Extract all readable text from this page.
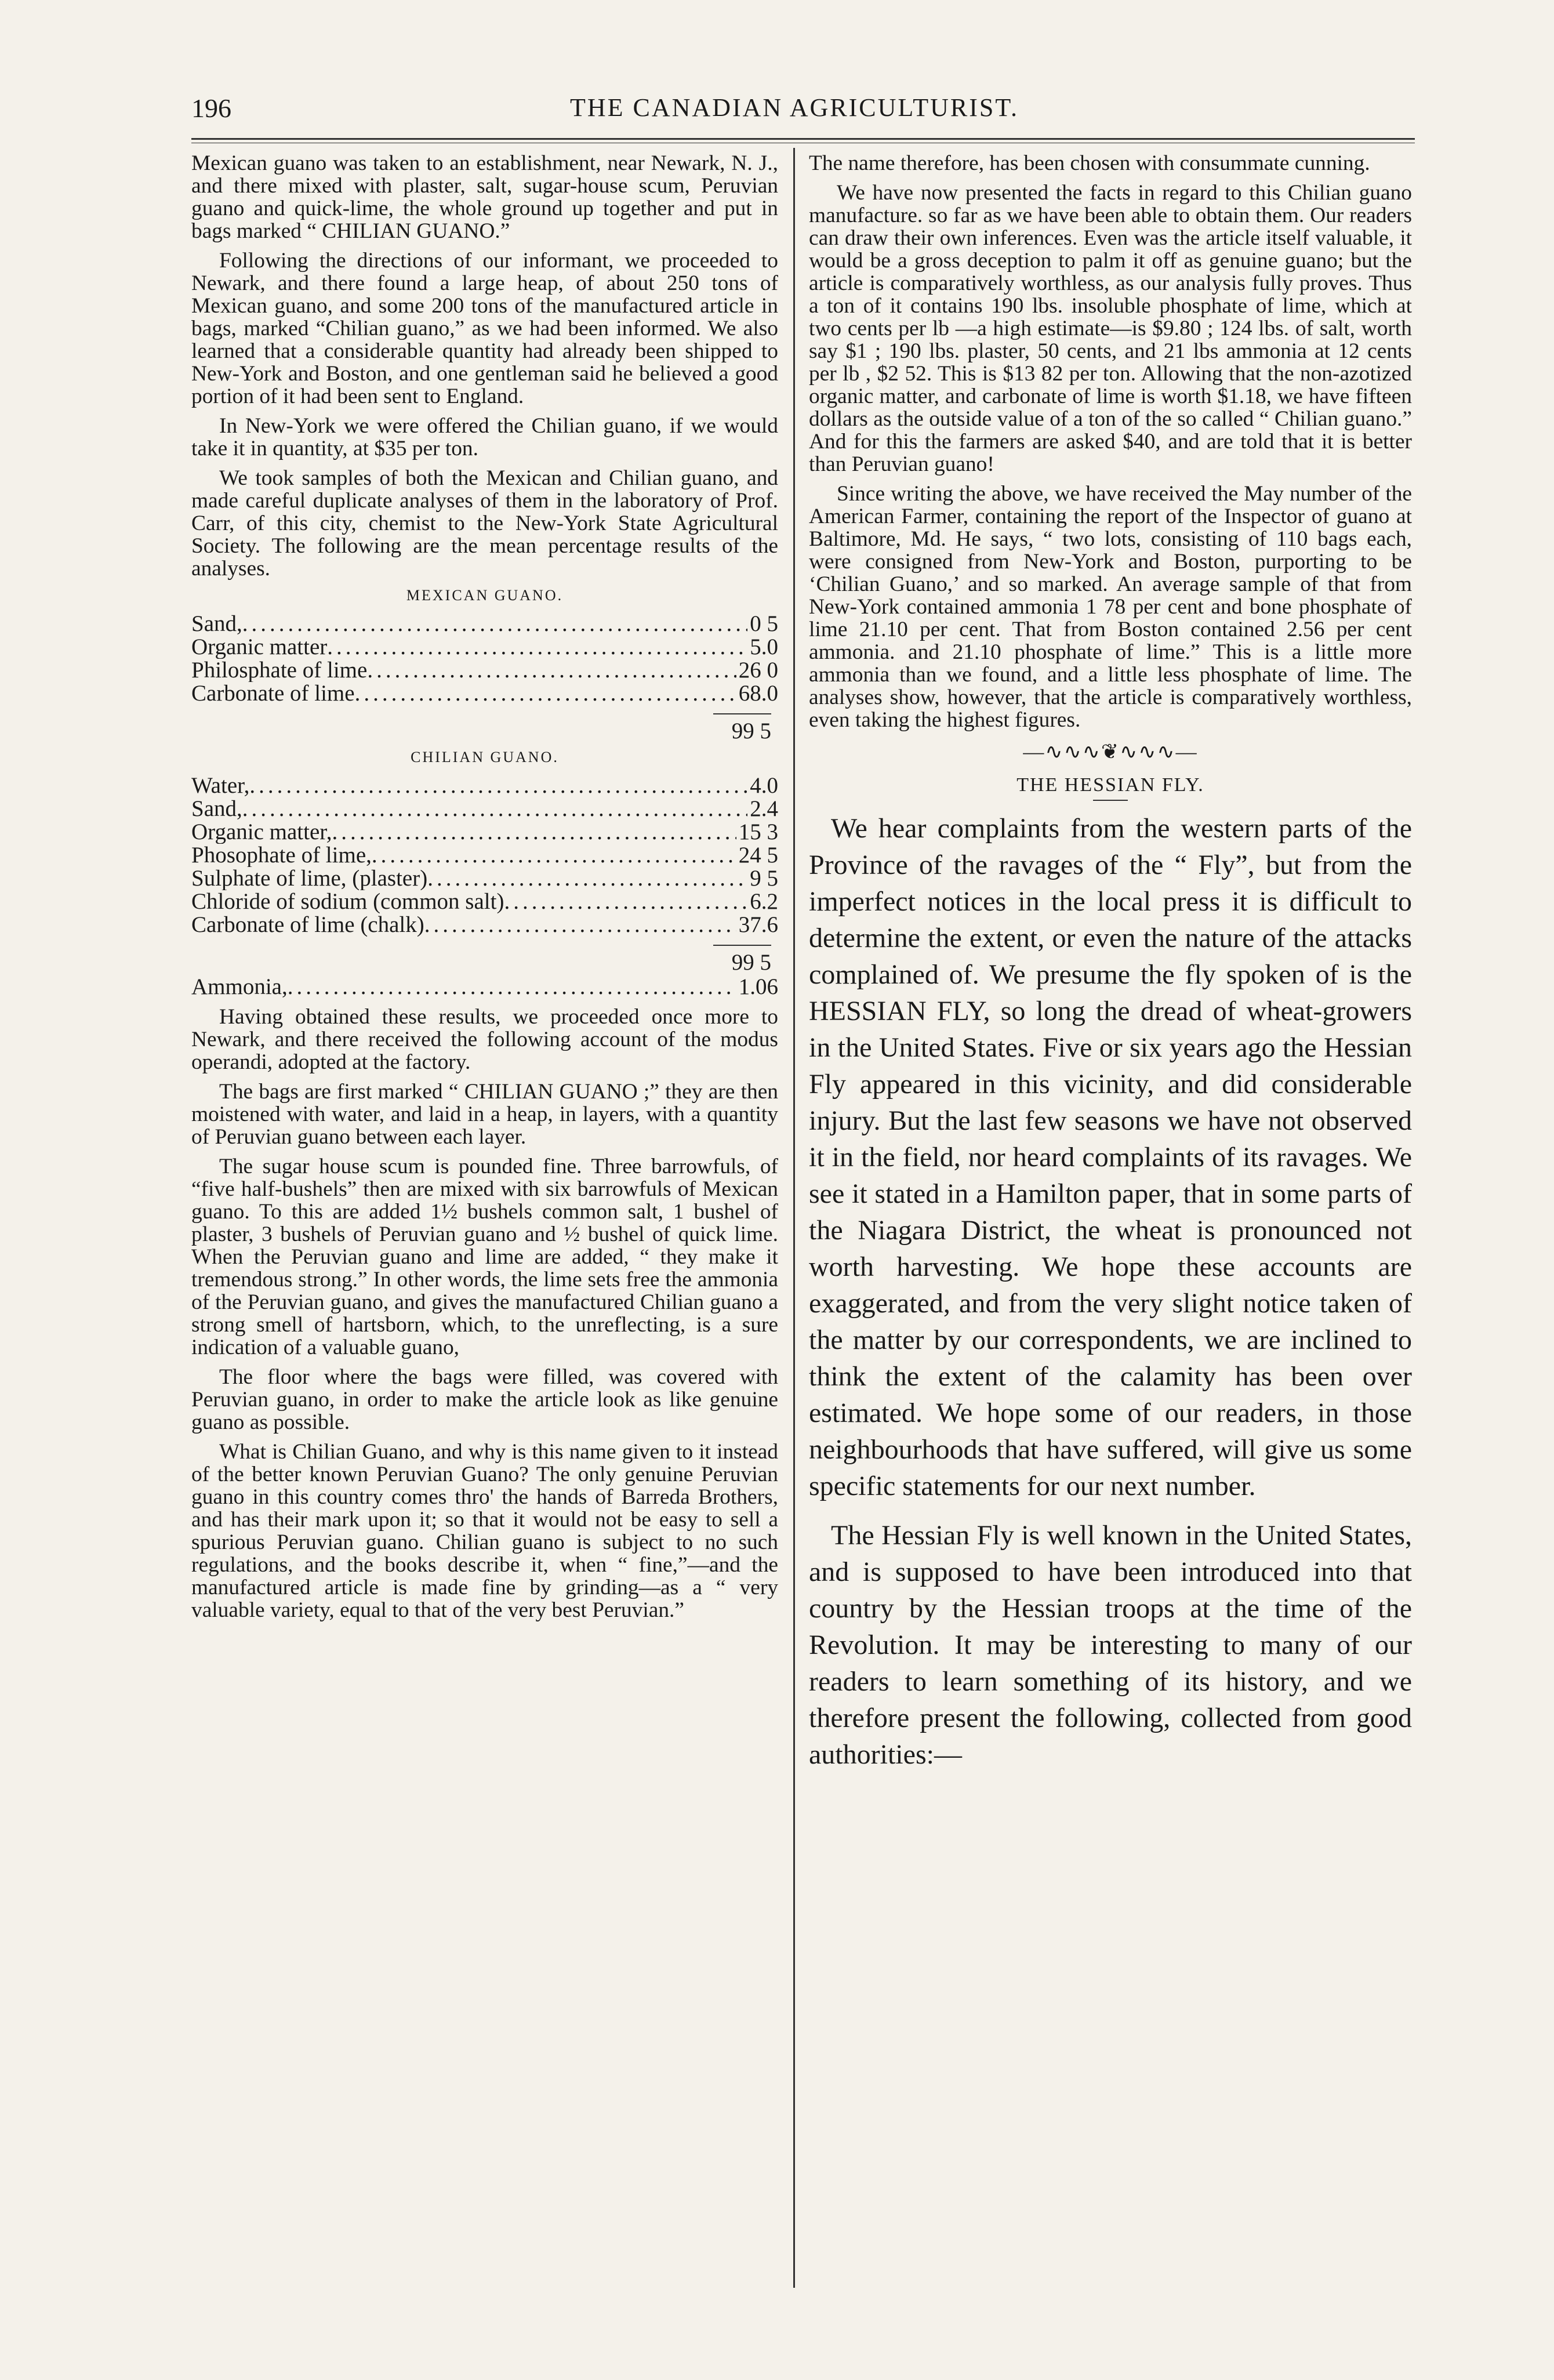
196	THE CANADIAN AGRICULTURIST.

Mexican guano was taken to an establishment, near Newark, N. J., and there mixed with plaster, salt, sugar-house scum, Peruvian guano and quick-lime, the whole ground up together and put in bags marked “ CHILIAN GUANO.”

Following the directions of our informant, we proceeded to Newark, and there found a large heap, of about 250 tons of Mexican guano, and some 200 tons of the manufactured article in bags, marked “Chilian guano,” as we had been informed. We also learned that a considerable quantity had already been shipped to New-York and Boston, and one gentleman said he believed a good portion of it had been sent to England.

In New-York we were offered the Chilian guano, if we would take it in quantity, at $35 per ton.

We took samples of both the Mexican and Chilian guano, and made careful duplicate analyses of them in the laboratory of Prof. Carr, of this city, chemist to the New-York State Agricultural Society. The following are the mean percentage results of the analyses.

MEXICAN GUANO.
Sand, .....	0 5
Organic matter .....	5.0
Philosphate of lime .....	26 0
Carbonate of lime .....	68.0
99 5
CHILIAN GUANO.
Water, .....	4.0
Sand, .....	2.4
Organic matter, .....	15 3
Phosophate of lime, .....	24 5
Sulphate of lime, (plaster) .....	9 5
Chloride of sodium (common salt) .....	6.2
Carbonate of lime (chalk) .....	37.6
99 5
Ammonia, .....	1.06

Having obtained these results, we proceeded once more to Newark, and there received the following account of the modus operandi, adopted at the factory.

The bags are first marked “ CHILIAN GUANO ;” they are then moistened with water, and laid in a heap, in layers, with a quantity of Peruvian guano between each layer.

The sugar house scum is pounded fine. Three barrowfuls, of “five half-bushels” then are mixed with six barrowfuls of Mexican guano. To this are added 1½ bushels common salt, 1 bushel of plaster, 3 bushels of Peruvian guano and ½ bushel of quick lime. When the Peruvian guano and lime are added, “ they make it tremendous strong.” In other words, the lime sets free the ammonia of the Peruvian guano, and gives the manufactured Chilian guano a strong smell of hartsborn, which, to the unreflecting, is a sure indication of a valuable guano,

The floor where the bags were filled, was covered with Peruvian guano, in order to make the article look as like genuine guano as possible.

What is Chilian Guano, and why is this name given to it instead of the better known Peruvian Guano? The only genuine Peruvian guano in this country comes thro' the hands of Barreda Brothers, and has their mark upon it; so that it would not be easy to sell a spurious Peruvian guano. Chilian guano is subject to no such regulations, and the books describe it, when “ fine,”—and the manufactured article is made fine by grinding—as a “ very valuable variety, equal to that of the very best Peruvian.”

The name therefore, has been chosen with consummate cunning.

We have now presented the facts in regard to this Chilian guano manufacture. so far as we have been able to obtain them. Our readers can draw their own inferences. Even was the article itself valuable, it would be a gross deception to palm it off as genuine guano; but the article is comparatively worthless, as our analysis fully proves. Thus a ton of it contains 190 lbs. insoluble phosphate of lime, which at two cents per lb —a high estimate—is $9.80 ; 124 lbs. of salt, worth say $1 ; 190 lbs. plaster, 50 cents, and 21 lbs ammonia at 12 cents per lb , $2 52. This is $13 82 per ton. Allowing that the non-azotized organic matter, and carbonate of lime is worth $1.18, we have fifteen dollars as the outside value of a ton of the so called “ Chilian guano.” And for this the farmers are asked $40, and are told that it is better than Peruvian guano!

Since writing the above, we have received the May number of the American Farmer, containing the report of the Inspector of guano at Baltimore, Md. He says, “ two lots, consisting of 110 bags each, were consigned from New-York and Boston, purporting to be ‘Chilian Guano,’ and so marked. An average sample of that from New-York contained ammonia 1 78 per cent and bone phosphate of lime 21.10 per cent. That from Boston contained 2.56 per cent ammonia. and 21.10 phosphate of lime.” This is a little more ammonia than we found, and a little less phosphate of lime. The analyses show, however, that the article is comparatively worthless, even taking the highest figures.

—∿∿∿❦∿∿∿—
THE HESSIAN FLY.

We hear complaints from the western parts of the Province of the ravages of the “ Fly”, but from the imperfect notices in the local press it is difficult to determine the extent, or even the nature of the attacks complained of. We presume the fly spoken of is the HESSIAN FLY, so long the dread of wheat-growers in the United States. Five or six years ago the Hessian Fly appeared in this vicinity, and did considerable injury. But the last few seasons we have not observed it in the field, nor heard complaints of its ravages. We see it stated in a Hamilton paper, that in some parts of the Niagara District, the wheat is pronounced not worth harvesting. We hope these accounts are exaggerated, and from the very slight notice taken of the matter by our correspondents, we are inclined to think the extent of the calamity has been over estimated. We hope some of our readers, in those neighbourhoods that have suffered, will give us some specific statements for our next number.

The Hessian Fly is well known in the United States, and is supposed to have been introduced into that country by the Hessian troops at the time of the Revolution. It may be interesting to many of our readers to learn something of its history, and we therefore present the following, collected from good authorities:—
